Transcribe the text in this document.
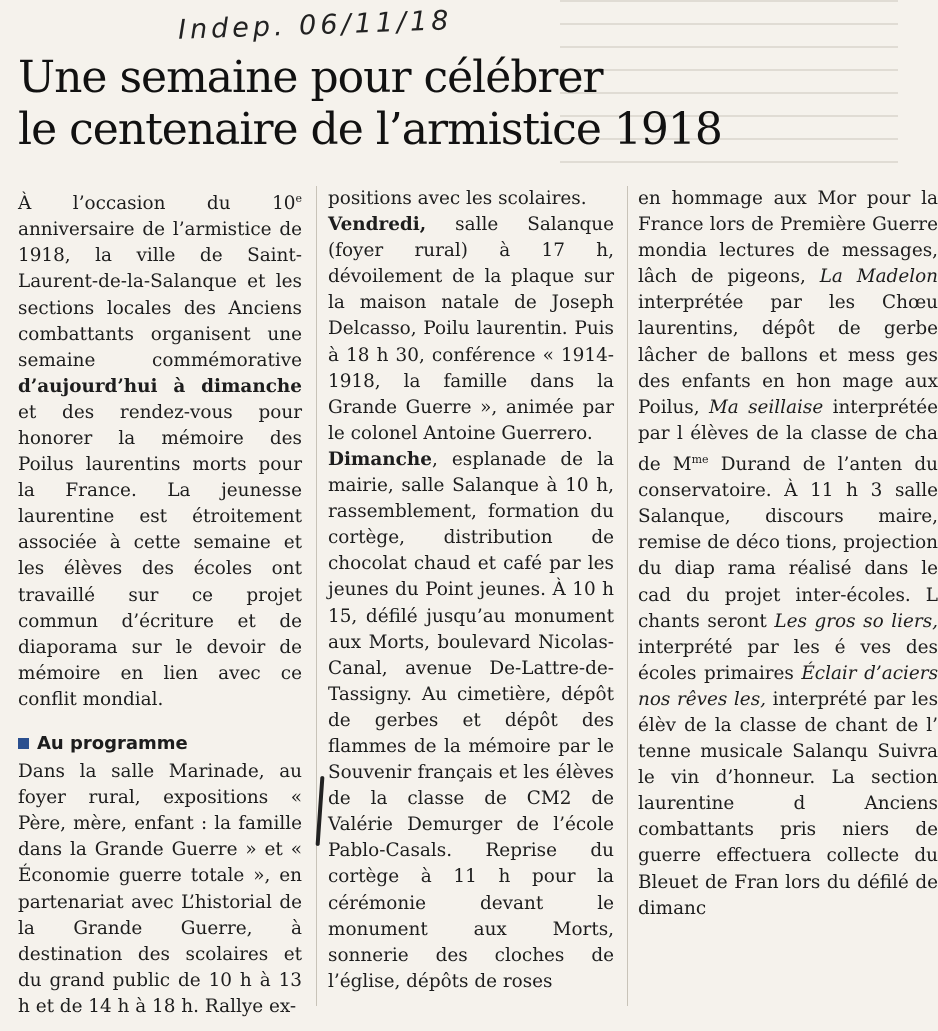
Indep. 06/11/18
Une semaine pour célébrer
le centenaire de l’armistice 1918

À l’occasion du 10e anniversaire de l’armistice de 1918, la ville de Saint-Laurent-de-la-Salanque et les sections locales des Anciens combattants organisent une semaine commémorative d’aujourd’hui à dimanche et des rendez-vous pour honorer la mémoire des Poilus laurentins morts pour la France. La jeunesse laurentine est étroitement associée à cette semaine et les élèves des écoles ont travaillé sur ce projet commun d’écriture et de diaporama sur le devoir de mémoire en lien avec ce conflit mondial.

Au programme

Dans la salle Marinade, au foyer rural, expositions « Père, mère, enfant : la famille dans la Grande Guerre » et « Économie guerre totale », en partenariat avec L’historial de la Grande Guerre, à destination des scolaires et du grand public de 10 h à 13 h et de 14 h à 18 h. Rallye ex-

positions avec les scolaires.

Vendredi, salle Salanque (foyer rural) à 17 h, dévoilement de la plaque sur la maison natale de Joseph Delcasso, Poilu laurentin. Puis à 18 h 30, conférence « 1914-1918, la famille dans la Grande Guerre », animée par le colonel Antoine Guerrero.

Dimanche, esplanade de la mairie, salle Salanque à 10 h, rassemblement, formation du cortège, distribution de chocolat chaud et café par les jeunes du Point jeunes. À 10 h 15, défilé jusqu’au monument aux Morts, boulevard Nicolas-Canal, avenue De-Lattre-de-Tassigny. Au cimetière, dépôt de gerbes et dépôt des flammes de la mémoire par le Souvenir français et les élèves de la classe de CM2 de Valérie Demurger de l’école Pablo-Casals. Reprise du cortège à 11 h pour la cérémonie devant le monument aux Morts, sonnerie des cloches de l’église, dépôts de roses

en hommage aux Mor pour la France lors de Première Guerre mondia lectures de messages, lâch de pigeons, La Madelon interprétée par les Chœu laurentins, dépôt de gerbe lâcher de ballons et mess ges des enfants en hon mage aux Poilus, Ma seillaise interprétée par l élèves de la classe de cha de $M^{me}$ Durand de l’anten du conservatoire. À 11 h 3 salle Salanque, discours maire, remise de déco tions, projection du diap rama réalisé dans le cad du projet inter-écoles. L chants seront Les gros so liers, interprété par les é ves des écoles primaires Éclair d’aciers nos rêves les, interprété par les élèv de la classe de chant de l’ tenne musicale Salanqu Suivra le vin d’honneur. La section laurentine d Anciens combattants pris niers de guerre effectuera collecte du Bleuet de Fran lors du défilé de dimanc
